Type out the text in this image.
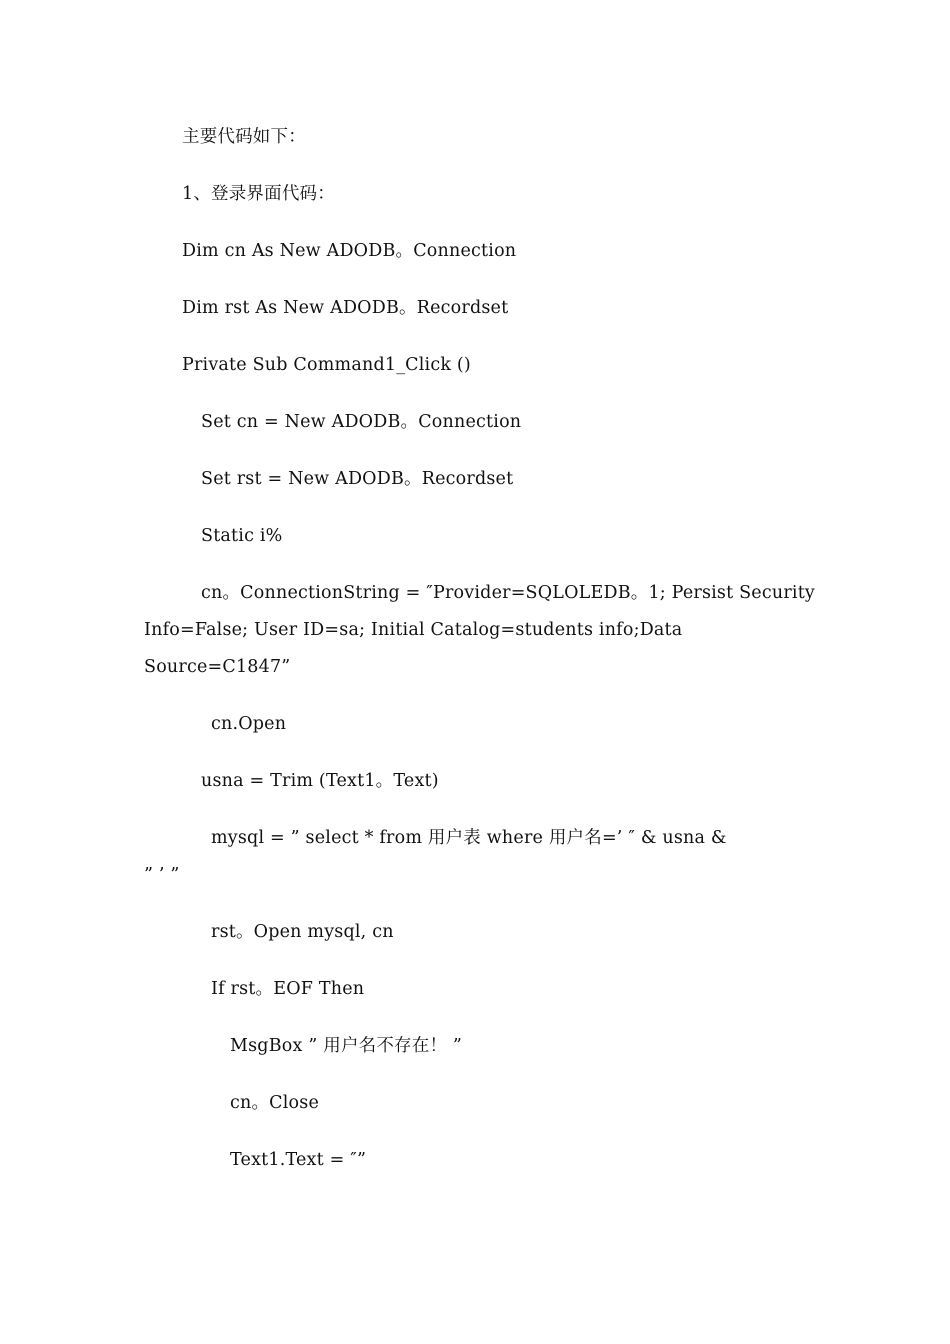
主要代码如下：
1、登录界面代码：
Dim cn As New ADODB。Connection
Dim rst As New ADODB。Recordset
Private Sub Command1_Click ()
Set cn = New ADODB。Connection
Set rst = New ADODB。Recordset
Static i%
cn。ConnectionString = ″Provider=SQLOLEDB。1; Persist Security
Info=False; User ID=sa; Initial Catalog=students info;Data
Source=C1847”
cn.Open
usna = Trim (Text1。Text)
mysql = ” select * from 用户表 where 用户名=’ ″ & usna &
” ’ ”
rst。Open mysql, cn
If rst。EOF Then
MsgBox ” 用户名不存在！ ”
cn。Close
Text1.Text = ″”
